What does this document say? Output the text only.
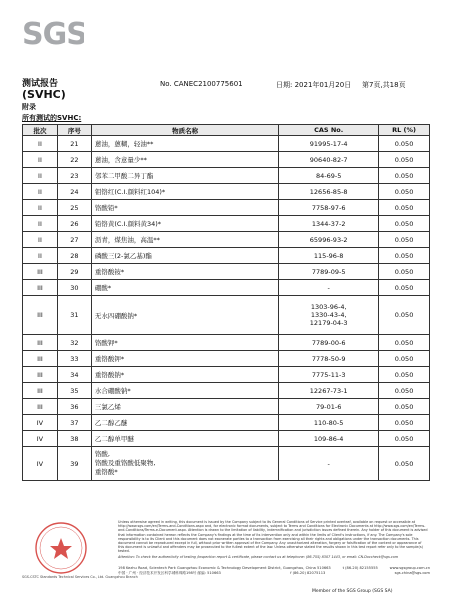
SGS
测试报告
(SVHC)
附录
所有测试的SVHC:
No. CANEC2100775601	日期: 2021年01月20日 第7页,共18页
批次	序号	物质名称	CAS No.	RL (%)
II	21	蒽油，蒽糊，轻油**	91995-17-4	0.050
II	22	蒽油，含意量少**	90640-82-7	0.050
II	23	邻苯二甲酸二异丁酯	84-69-5	0.050
II	24	钼铬红(C.I.颜料红104)*	12656-85-8	0.050
II	25	铬酸铅*	7758-97-6	0.050
II	26	铅铬黄(C.I.颜料黄34)*	1344-37-2	0.050
II	27	沥青，煤焦油，高温**	65996-93-2	0.050
II	28	磷酸三(2-氯乙基)酯	115-96-8	0.050
III	29	重铬酸铵*	7789-09-5	0.050
III	30	硼酸*	-	0.050
III	31	无水四硼酸钠*	1303-96-4,
1330-43-4,
12179-04-3	0.050
III	32	铬酸钾*	7789-00-6	0.050
III	33	重铬酸钾*	7778-50-9	0.050
III	34	重铬酸钠*	7775-11-3	0.050
III	35	水合硼酸钠*	12267-73-1	0.050
III	36	三氯乙烯	79-01-6	0.050
IV	37	乙二醇乙醚	110-80-5	0.050
IV	38	乙二醇单甲醚	109-86-4	0.050
IV	39	铬酸,
铬酸及重铬酸低聚物,
重铬酸*	-	0.050
SGS-CSTC Standards Technical Services Co., Ltd. Guangzhou Branch
Unless otherwise agreed in writing, this document is issued by the Company subject to its General Conditions of Service printed overleaf, available on request or accessible at http://www.sgs.com/en/Terms-and-Conditions.aspx and, for electronic format documents, subject to Terms and Conditions for Electronic Documents at http://www.sgs.com/en/Terms-and-Conditions/Terms-e-Document.aspx. Attention is drawn to the limitation of liability, indemnification and jurisdiction issues defined therein. Any holder of this document is advised that information contained hereon reflects the Company's findings at the time of its intervention only and within the limits of Client's instructions, if any. The Company's sole responsibility is to its Client and this document does not exonerate parties to a transaction from exercising all their rights and obligations under the transaction documents. This document cannot be reproduced except in full, without prior written approval of the Company. Any unauthorized alteration, forgery or falsification of the content or appearance of this document is unlawful and offenders may be prosecuted to the fullest extent of the law. Unless otherwise stated the results shown in this test report refer only to the sample(s) tested.
Attention: To check the authenticity of testing /inspection report & certificate, please contact us at telephone: (86-755) 8307 1443, or email: CN.Doccheck@sgs.com
198 Kezhu Road, Scientech Park Guangzhou Economic & Technology Development District, Guangzhou, China 510663	t (86-20) 82155555	www.sgsgroup.com.cn
中国 · 广州 · 经济技术开发区科学城科珠路198号 邮编: 510663	f (86-20) 82075113	sgs.china@sgs.com
Member of the SGS Group (SGS SA)
